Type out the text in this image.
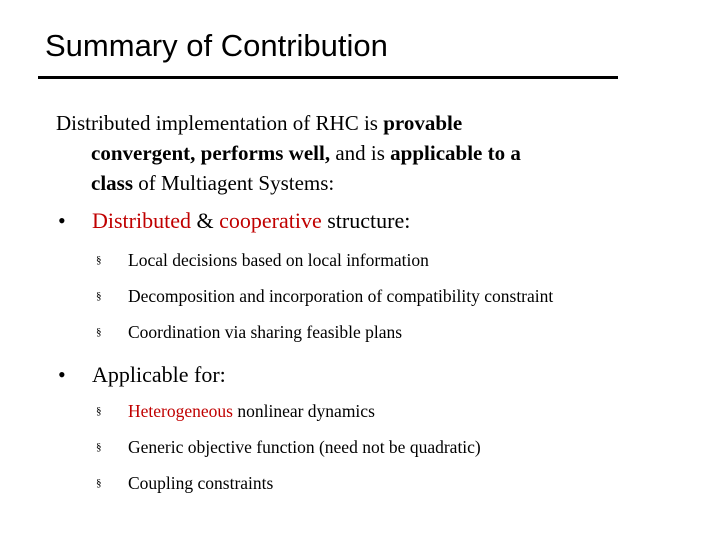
Summary of Contribution
Distributed implementation of RHC is provable
convergent, performs well, and is applicable to a
class of Multiagent Systems:
• Distributed & cooperative structure:
§ Local decisions based on local information
§ Decomposition and incorporation of compatibility constraint
§ Coordination via sharing feasible plans
• Applicable for:
§ Heterogeneous nonlinear dynamics
§ Generic objective function (need not be quadratic)
§ Coupling constraints
